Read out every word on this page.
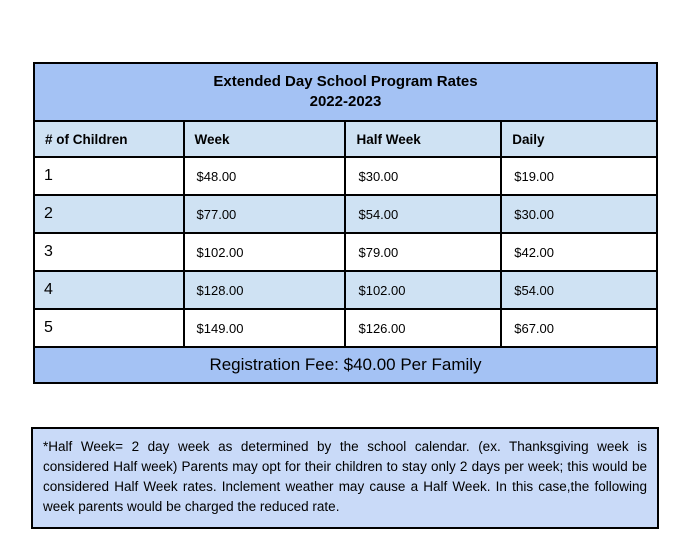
Extended Day School Program Rates
2022-2023			

# of Children	Week	Half Week	Daily
1	$48.00	$30.00	$19.00
2	$77.00	$54.00	$30.00
3	$102.00	$79.00	$42.00
4	$128.00	$102.00	$54.00
5	$149.00	$126.00	$67.00
Registration Fee: $40.00 Per Family			

*Half Week= 2 day week as determined by the school calendar. (ex. Thanksgiving week is considered Half week) Parents may opt for their children to stay only 2 days per week; this would be considered Half Week rates. Inclement weather may cause a Half Week. In this case,the following week parents would be charged the reduced rate.
